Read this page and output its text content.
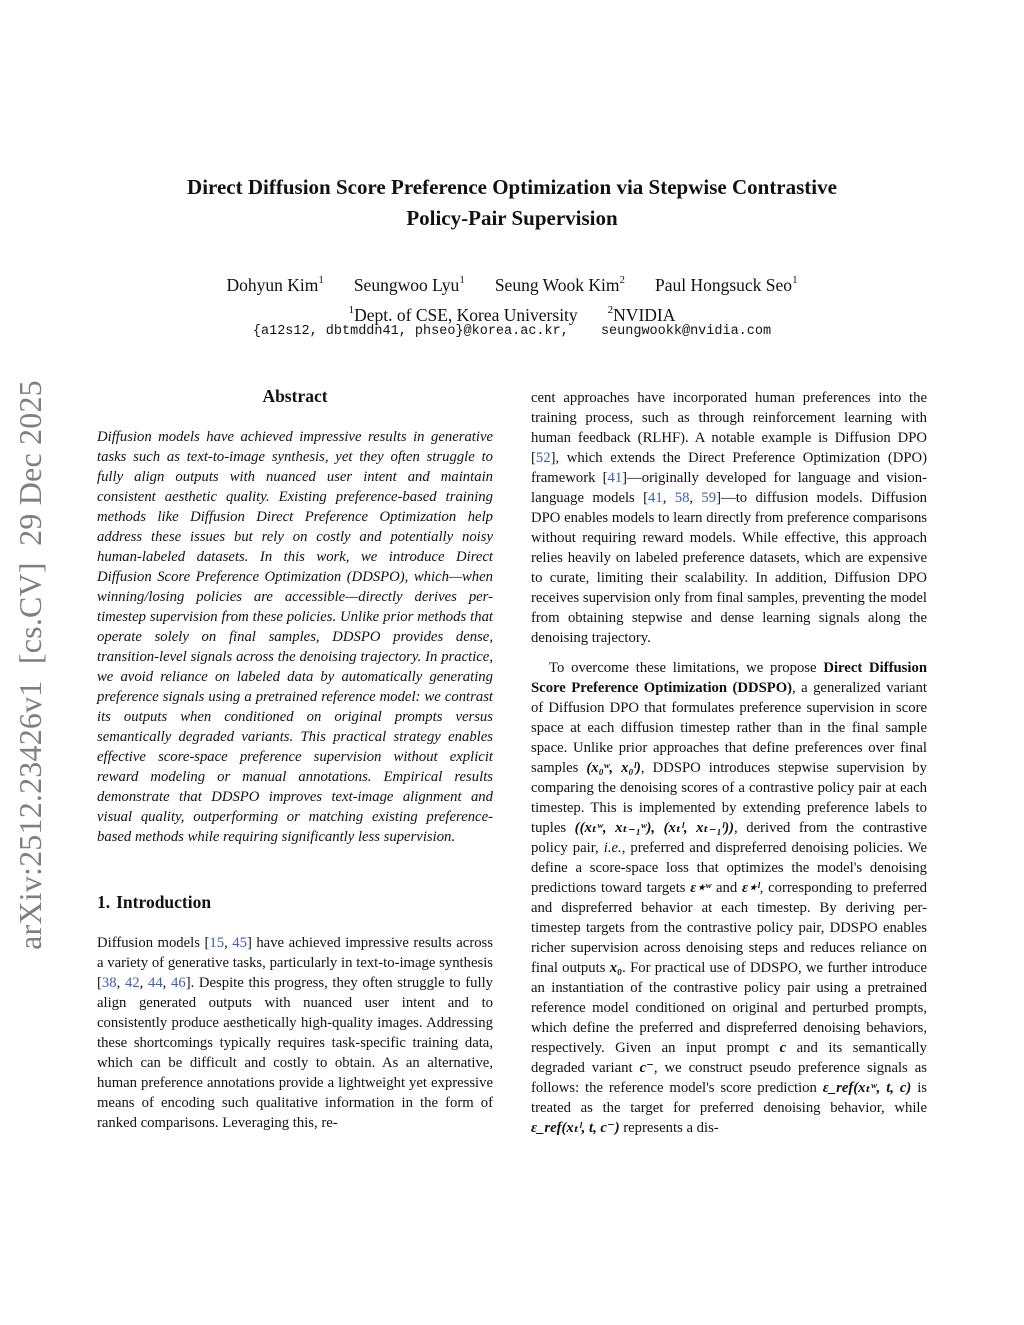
arXiv:2512.23426v1  [cs.CV]  29 Dec 2025
Direct Diffusion Score Preference Optimization via Stepwise Contrastive
Policy-Pair Supervision
Dohyun Kim$^1$ Seungwoo Lyu$^1$ Seung Wook Kim$^2$ Paul Hongsuck Seo$^1$
$^1$Dept. of CSE, Korea University	$^2$NVIDIA
{a12s12, dbtmddn41, phseo}@korea.ac.kr, seungwookk@nvidia.com
Abstract

Diffusion models have achieved impressive results in generative tasks such as text-to-image synthesis, yet they often struggle to fully align outputs with nuanced user intent and maintain consistent aesthetic quality. Existing preference-based training methods like Diffusion Direct Preference Optimization help address these issues but rely on costly and potentially noisy human-labeled datasets. In this work, we introduce Direct Diffusion Score Preference Optimization (DDSPO), which—when winning/losing policies are accessible—directly derives per-timestep supervision from these policies. Unlike prior methods that operate solely on final samples, DDSPO provides dense, transition-level signals across the denoising trajectory. In practice, we avoid reliance on labeled data by automatically generating preference signals using a pretrained reference model: we contrast its outputs when conditioned on original prompts versus semantically degraded variants. This practical strategy enables effective score-space preference supervision without explicit reward modeling or manual annotations. Empirical results demonstrate that DDSPO improves text-image alignment and visual quality, outperforming or matching existing preference-based methods while requiring significantly less supervision.

1. Introduction

Diffusion models [15, 45] have achieved impressive results across a variety of generative tasks, particularly in text-to-image synthesis [38, 42, 44, 46]. Despite this progress, they often struggle to fully align generated outputs with nuanced user intent and to consistently produce aesthetically high-quality images. Addressing these shortcomings typically requires task-specific training data, which can be difficult and costly to obtain. As an alternative, human preference annotations provide a lightweight yet expressive means of encoding such qualitative information in the form of ranked comparisons. Leveraging this, re-

cent approaches have incorporated human preferences into the training process, such as through reinforcement learning with human feedback (RLHF). A notable example is Diffusion DPO [52], which extends the Direct Preference Optimization (DPO) framework [41]—originally developed for language and vision-language models [41, 58, 59]—to diffusion models. Diffusion DPO enables models to learn directly from preference comparisons without requiring reward models. While effective, this approach relies heavily on labeled preference datasets, which are expensive to curate, limiting their scalability. In addition, Diffusion DPO receives supervision only from final samples, preventing the model from obtaining stepwise and dense learning signals along the denoising trajectory.

To overcome these limitations, we propose Direct Diffusion Score Preference Optimization (DDSPO), a generalized variant of Diffusion DPO that formulates preference supervision in score space at each diffusion timestep rather than in the final sample space. Unlike prior approaches that define preferences over final samples (x₀ʷ, x₀ˡ), DDSPO introduces stepwise supervision by comparing the denoising scores of a contrastive policy pair at each timestep. This is implemented by extending preference labels to tuples ((xₜʷ, xₜ₋₁ʷ), (xₜˡ, xₜ₋₁ˡ)), derived from the contrastive policy pair, i.e., preferred and dispreferred denoising policies. We define a score-space loss that optimizes the model's denoising predictions toward targets ε⋆ʷ and ε⋆ˡ, corresponding to preferred and dispreferred behavior at each timestep. By deriving per-timestep targets from the contrastive policy pair, DDSPO enables richer supervision across denoising steps and reduces reliance on final outputs x₀. For practical use of DDSPO, we further introduce an instantiation of the contrastive policy pair using a pretrained reference model conditioned on original and perturbed prompts, which define the preferred and dispreferred denoising behaviors, respectively. Given an input prompt c and its semantically degraded variant c⁻, we construct pseudo preference signals as follows: the reference model's score prediction ε_ref(xₜʷ, t, c) is treated as the target for preferred denoising behavior, while ε_ref(xₜˡ, t, c⁻) represents a dis-
